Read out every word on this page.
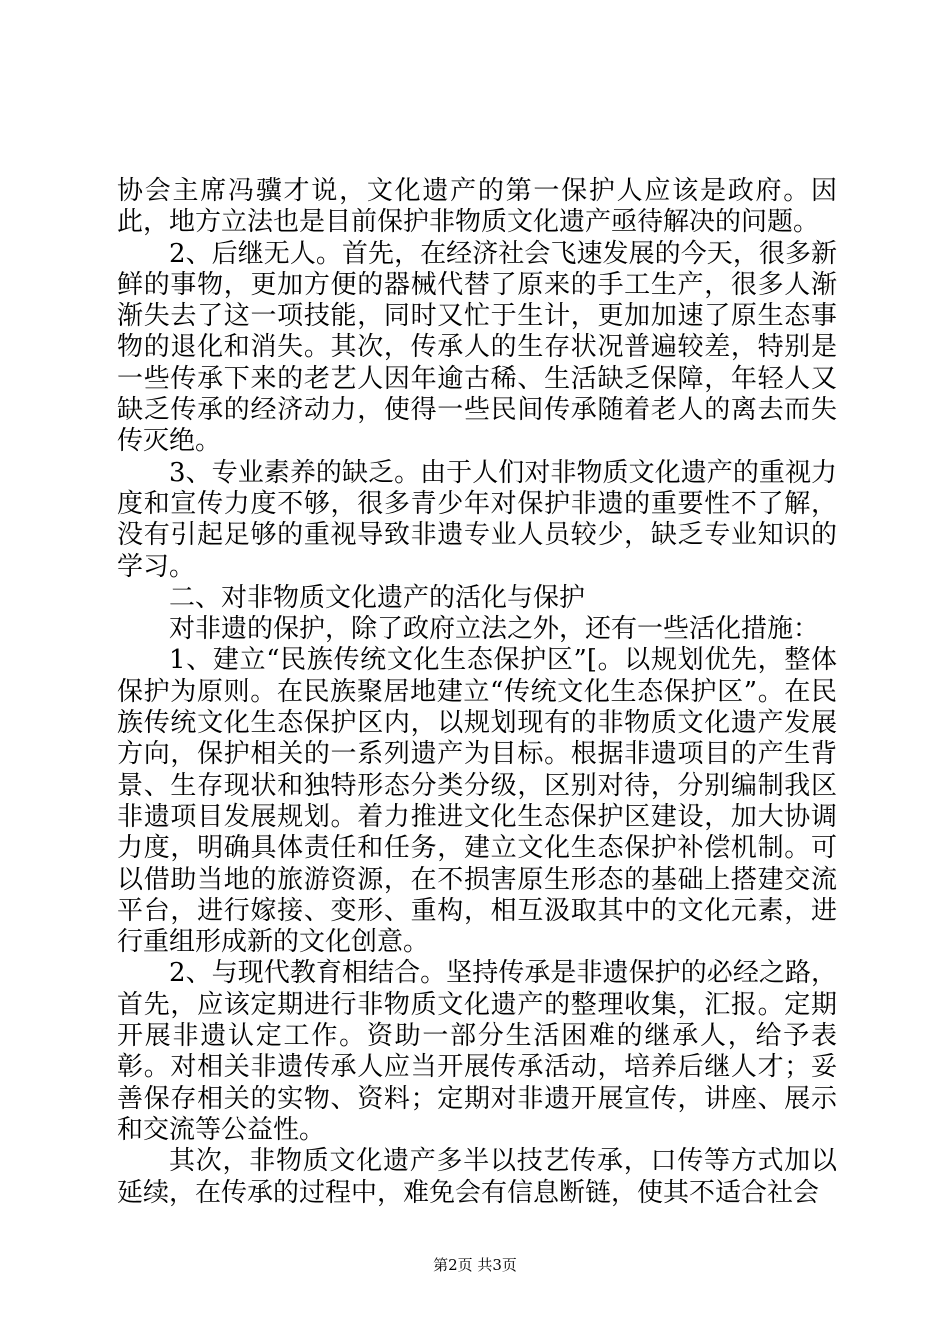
协会主席冯骥才说，文化遗产的第一保护人应该是政府。因此，地方立法也是目前保护非物质文化遗产亟待解决的问题。

2、后继无人。首先，在经济社会飞速发展的今天，很多新鲜的事物，更加方便的器械代替了原来的手工生产，很多人渐渐失去了这一项技能，同时又忙于生计，更加加速了原生态事物的退化和消失。其次，传承人的生存状况普遍较差，特别是一些传承下来的老艺人因年逾古稀、生活缺乏保障，年轻人又缺乏传承的经济动力，使得一些民间传承随着老人的离去而失传灭绝。

3、专业素养的缺乏。由于人们对非物质文化遗产的重视力度和宣传力度不够，很多青少年对保护非遗的重要性不了解，没有引起足够的重视导致非遗专业人员较少，缺乏专业知识的学习。

二、对非物质文化遗产的活化与保护

对非遗的保护，除了政府立法之外，还有一些活化措施：

1、建立“民族传统文化生态保护区”[。以规划优先，整体保护为原则。在民族聚居地建立“传统文化生态保护区”。在民族传统文化生态保护区内，以规划现有的非物质文化遗产发展方向，保护相关的一系列遗产为目标。根据非遗项目的产生背景、生存现状和独特形态分类分级，区别对待，分别编制我区非遗项目发展规划。着力推进文化生态保护区建设，加大协调力度，明确具体责任和任务，建立文化生态保护补偿机制。可以借助当地的旅游资源，在不损害原生形态的基础上搭建交流平台，进行嫁接、变形、重构，相互汲取其中的文化元素，进行重组形成新的文化创意。

2、与现代教育相结合。坚持传承是非遗保护的必经之路，首先，应该定期进行非物质文化遗产的整理收集，汇报。定期开展非遗认定工作。资助一部分生活困难的继承人，给予表彰。对相关非遗传承人应当开展传承活动，培养后继人才；妥善保存相关的实物、资料；定期对非遗开展宣传，讲座、展示和交流等公益性。

其次，非物质文化遗产多半以技艺传承，口传等方式加以延续，在传承的过程中，难免会有信息断链，使其不适合社会

第2页 共3页
